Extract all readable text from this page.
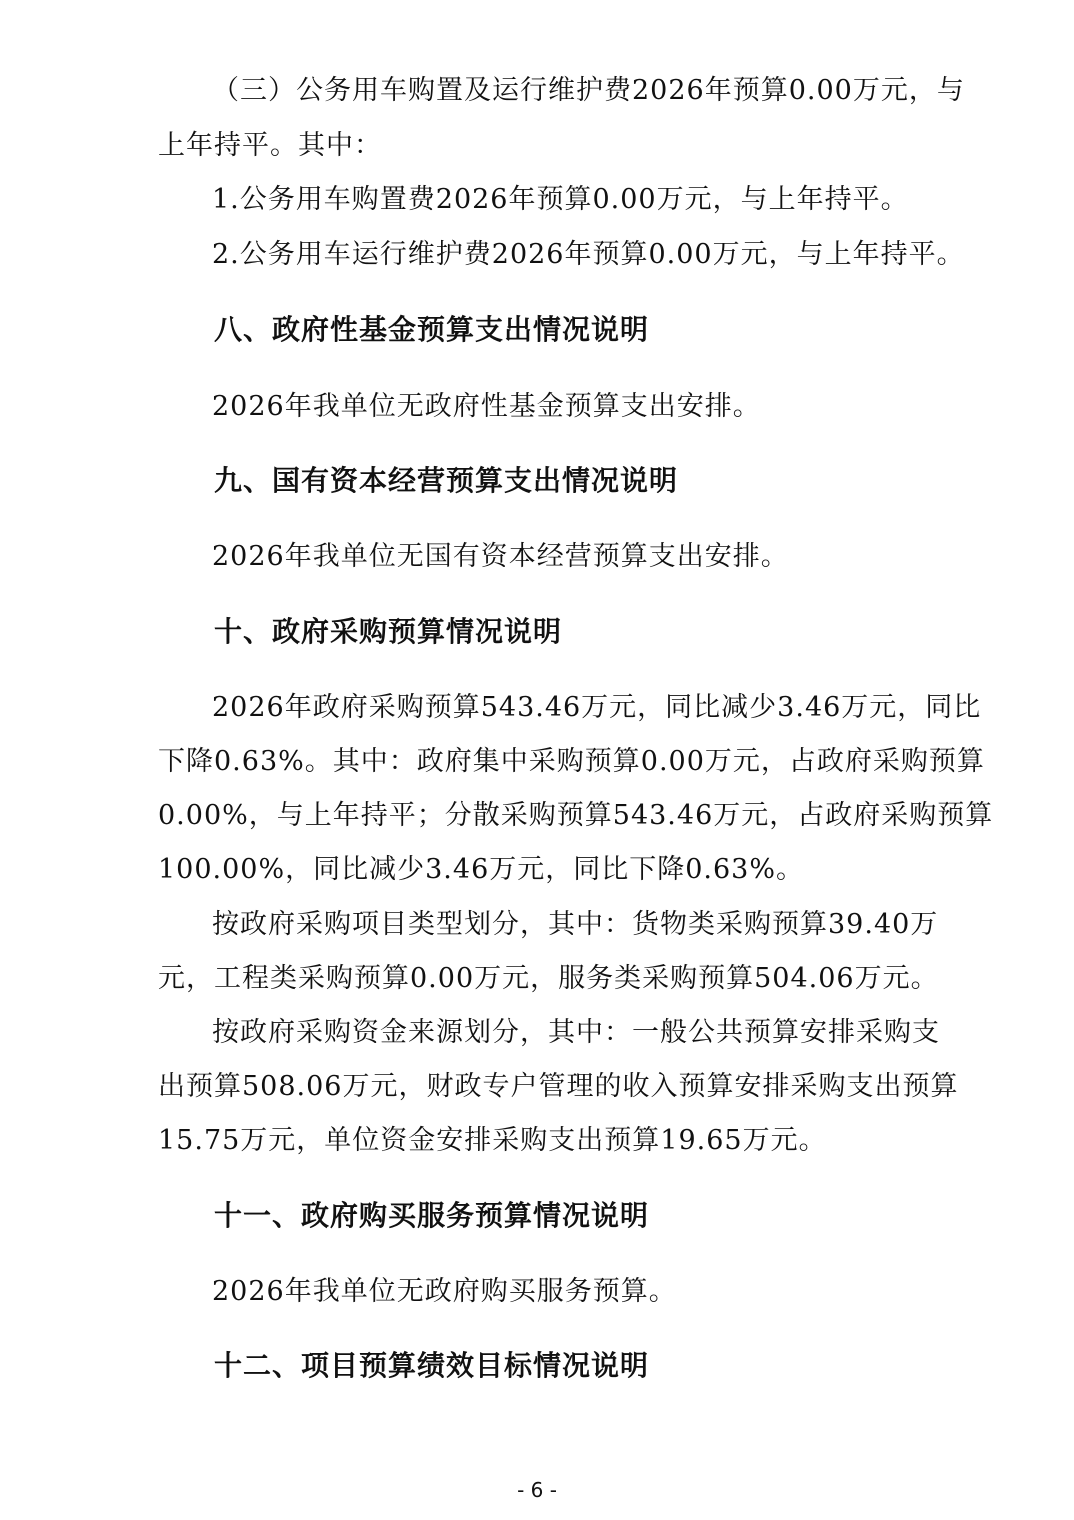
（三）公务用车购置及运行维护费2026年预算0.00万元，与
上年持平。其中：
1.公务用车购置费2026年预算0.00万元，与上年持平。
2.公务用车运行维护费2026年预算0.00万元，与上年持平。
八、政府性基金预算支出情况说明
2026年我单位无政府性基金预算支出安排。
九、国有资本经营预算支出情况说明
2026年我单位无国有资本经营预算支出安排。
十、政府采购预算情况说明
2026年政府采购预算543.46万元，同比减少3.46万元，同比
下降0.63%。其中：政府集中采购预算0.00万元，占政府采购预算
0.00%，与上年持平；分散采购预算543.46万元，占政府采购预算
100.00%，同比减少3.46万元，同比下降0.63%。
按政府采购项目类型划分，其中：货物类采购预算39.40万
元，工程类采购预算0.00万元，服务类采购预算504.06万元。
按政府采购资金来源划分，其中：一般公共预算安排采购支
出预算508.06万元，财政专户管理的收入预算安排采购支出预算
15.75万元，单位资金安排采购支出预算19.65万元。
十一、政府购买服务预算情况说明
2026年我单位无政府购买服务预算。
十二、项目预算绩效目标情况说明
- 6 -
